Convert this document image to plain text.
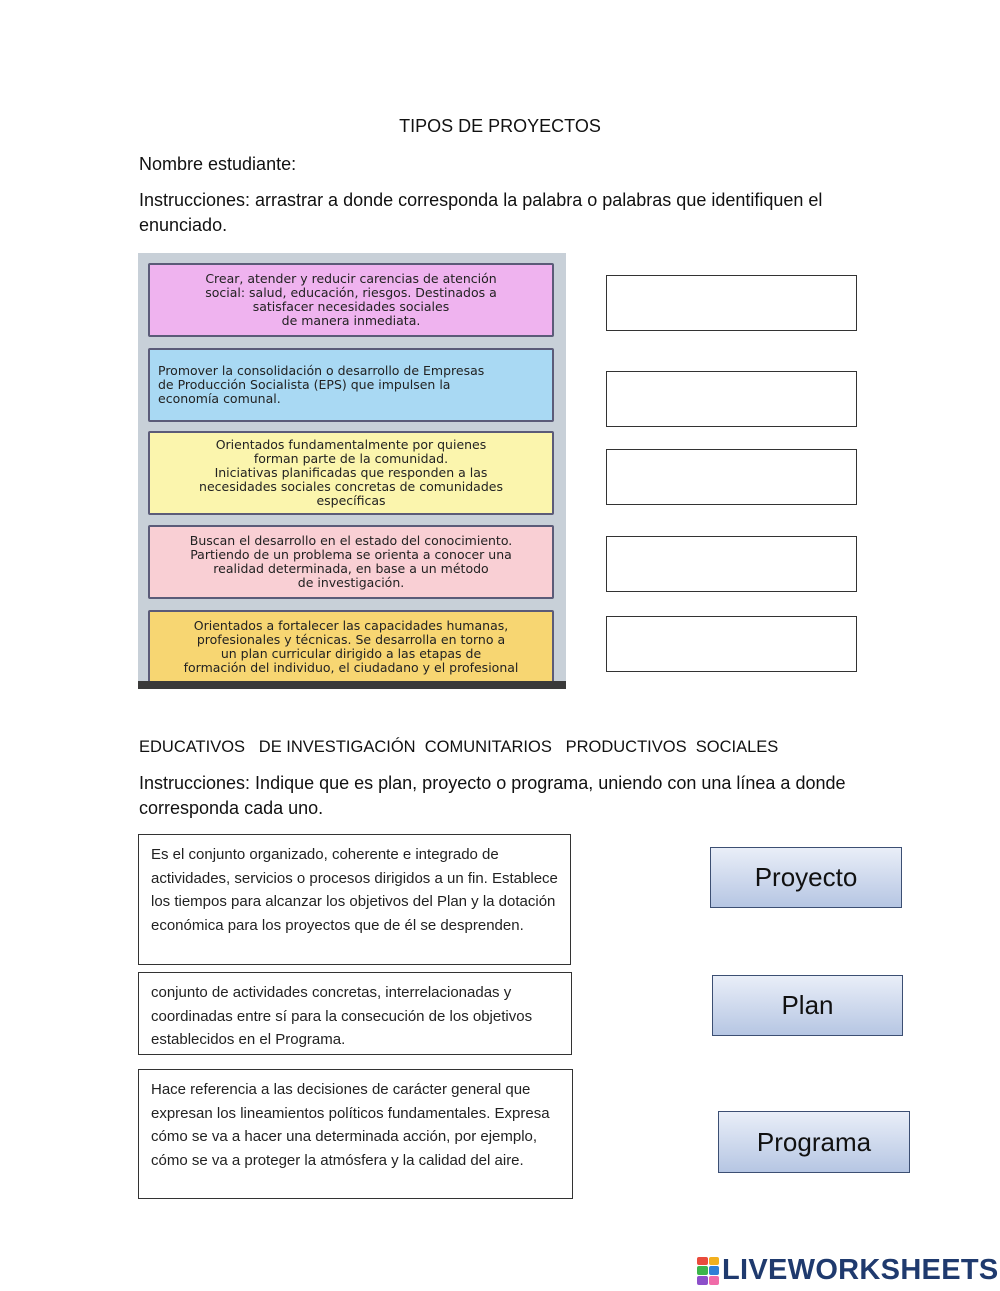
TIPOS DE PROYECTOS
Nombre estudiante:
Instrucciones: arrastrar a donde corresponda la palabra o palabras que identifiquen el enunciado.
Crear, atender y reducir carencias de atención
social: salud, educación, riesgos. Destinados a
satisfacer necesidades sociales
de manera inmediata.
Promover la consolidación o desarrollo de Empresas
de Producción Socialista (EPS) que impulsen la
economía comunal.
Orientados fundamentalmente por quienes
forman parte de la comunidad.
Iniciativas planificadas que responden a las
necesidades sociales concretas de comunidades
específicas
Buscan el desarrollo en el estado del conocimiento.
Partiendo de un problema se orienta a conocer una
realidad determinada, en base a un método
de investigación.
Orientados a fortalecer las capacidades humanas,
profesionales y técnicas. Se desarrolla en torno a
un plan curricular dirigido a las etapas de
formación del individuo, el ciudadano y el profesional
EDUCATIVOS   DE INVESTIGACIÓN  COMUNITARIOS   PRODUCTIVOS  SOCIALES
Instrucciones: Indique que es plan, proyecto o programa, uniendo con una línea a donde corresponda cada uno.
Es el conjunto organizado, coherente e integrado de actividades, servicios o procesos dirigidos a un fin. Establece los tiempos para alcanzar los objetivos del Plan y la dotación económica para los proyectos que de él se desprenden.
conjunto de actividades concretas, interrelacionadas y coordinadas entre sí para la consecución de los objetivos establecidos en el Programa.
Hace referencia a las decisiones de carácter general que expresan los lineamientos políticos fundamentales. Expresa cómo se va a hacer una determinada acción, por ejemplo, cómo se va a proteger la atmósfera y la calidad del aire.
Proyecto
Plan
Programa
LIVEWORKSHEETS
